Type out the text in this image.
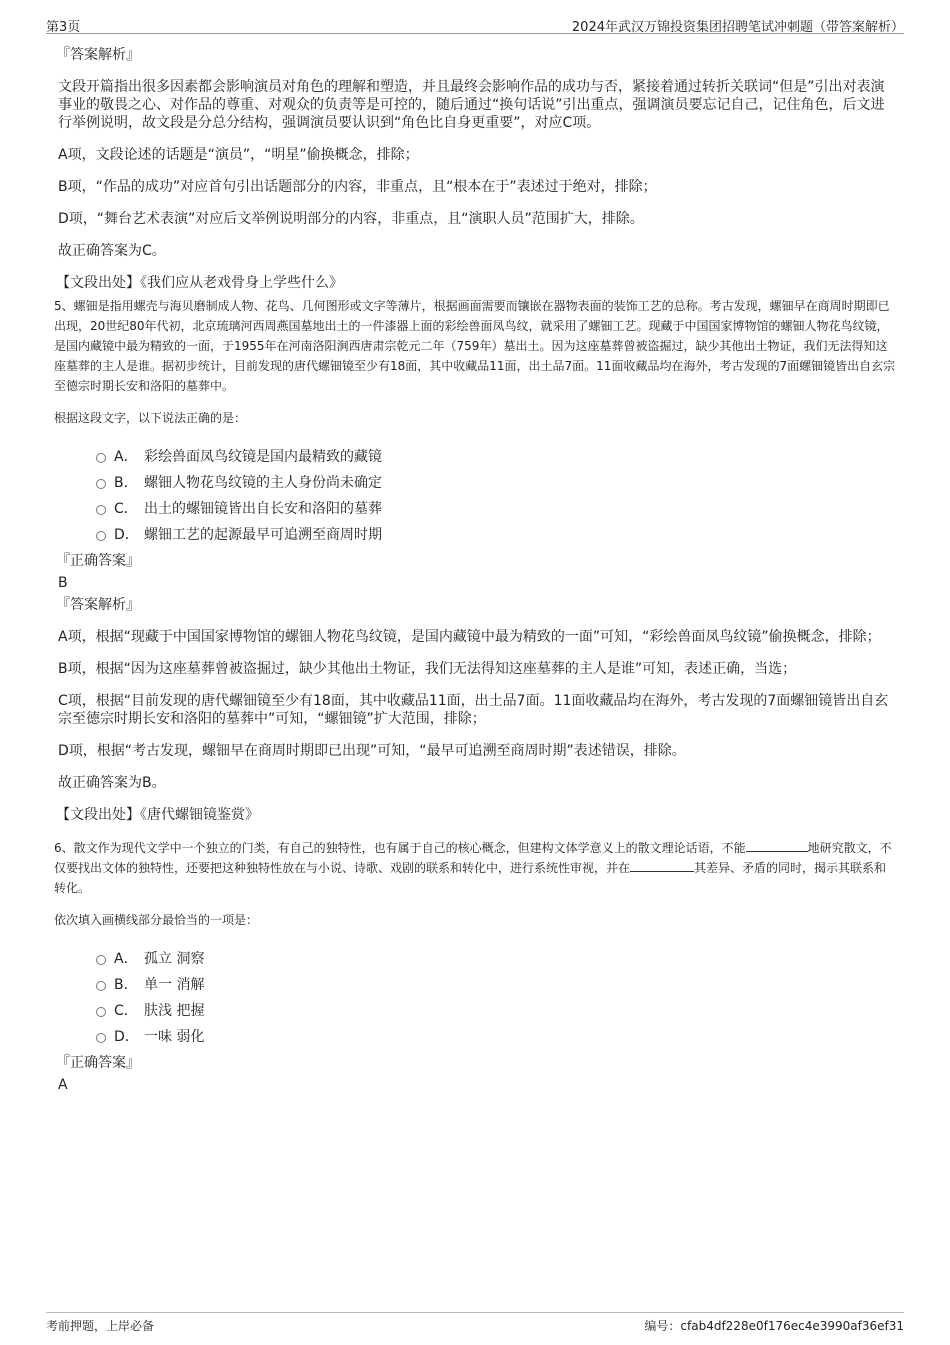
第3页	2024年武汉万锦投资集团招聘笔试冲刺题（带答案解析）
『答案解析』
文段开篇指出很多因素都会影响演员对角色的理解和塑造，并且最终会影响作品的成功与否，紧接着通过转折关联词“但是”引出对表演事业的敬畏之心、对作品的尊重、对观众的负责等是可控的，随后通过“换句话说”引出重点，强调演员要忘记自己，记住角色，后文进行举例说明，故文段是分总分结构，强调演员要认识到“角色比自身更重要”，对应C项。
A项，文段论述的话题是“演员”，“明星”偷换概念，排除；
B项，“作品的成功”对应首句引出话题部分的内容，非重点，且“根本在于”表述过于绝对，排除；
D项，“舞台艺术表演”对应后文举例说明部分的内容，非重点，且“演职人员”范围扩大，排除。
故正确答案为C。
【文段出处】《我们应从老戏骨身上学些什么》
5、螺钿是指用螺壳与海贝磨制成人物、花鸟、几何图形或文字等薄片，根据画面需要而镶嵌在器物表面的装饰工艺的总称。考古发现，螺钿早在商周时期即已出现，20世纪80年代初，北京琉璃河西周燕国墓地出土的一件漆器上面的彩绘兽面凤鸟纹，就采用了螺钿工艺。现藏于中国国家博物馆的螺钿人物花鸟纹镜，是国内藏镜中最为精致的一面，于1955年在河南洛阳涧西唐肃宗乾元二年（759年）墓出土。因为这座墓葬曾被盗掘过，缺少其他出土物证，我们无法得知这座墓葬的主人是谁。据初步统计，目前发现的唐代螺钿镜至少有18面，其中收藏品11面，出土品7面。11面收藏品均在海外，考古发现的7面螺钿镜皆出自玄宗至德宗时期长安和洛阳的墓葬中。
根据这段文字，以下说法正确的是：
A． 彩绘兽面凤鸟纹镜是国内最精致的藏镜
B． 螺钿人物花鸟纹镜的主人身份尚未确定
C． 出土的螺钿镜皆出自长安和洛阳的墓葬
D． 螺钿工艺的起源最早可追溯至商周时期
『正确答案』
B
『答案解析』
A项，根据“现藏于中国国家博物馆的螺钿人物花鸟纹镜，是国内藏镜中最为精致的一面”可知，“彩绘兽面凤鸟纹镜”偷换概念，排除；
B项，根据“因为这座墓葬曾被盗掘过，缺少其他出土物证，我们无法得知这座墓葬的主人是谁”可知，表述正确，当选；
C项，根据“目前发现的唐代螺钿镜至少有18面，其中收藏品11面，出土品7面。11面收藏品均在海外，考古发现的7面螺钿镜皆出自玄宗至德宗时期长安和洛阳的墓葬中”可知，“螺钿镜”扩大范围，排除；
D项，根据“考古发现，螺钿早在商周时期即已出现”可知，“最早可追溯至商周时期”表述错误，排除。
故正确答案为B。
【文段出处】《唐代螺钿镜鉴赏》
6、散文作为现代文学中一个独立的门类，有自己的独特性，也有属于自己的核心概念，但建构文体学意义上的散文理论话语，不能	地研究散文，不仅要找出文体的独特性，还要把这种独特性放在与小说、诗歌、戏剧的联系和转化中，进行系统性审视，并在	其差异、矛盾的同时，揭示其联系和转化。
依次填入画横线部分最恰当的一项是：
A． 孤立 洞察
B． 单一 消解
C． 肤浅 把握
D． 一味 弱化
『正确答案』
A
考前押题，上岸必备	编号：cfab4df228e0f176ec4e3990af36ef31
